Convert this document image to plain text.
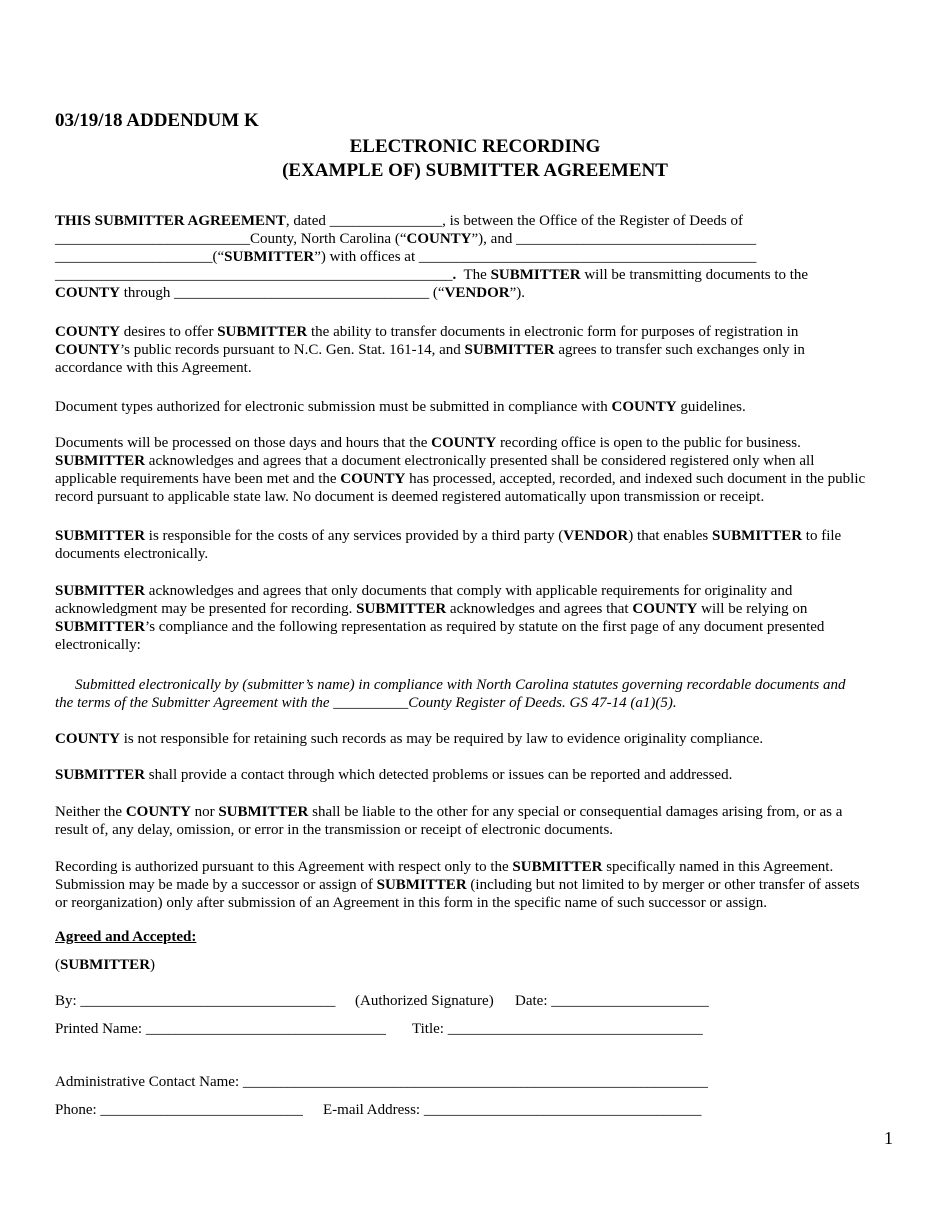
03/19/18 ADDENDUM K
ELECTRONIC RECORDING
(EXAMPLE OF) SUBMITTER AGREEMENT
THIS SUBMITTER AGREEMENT, dated _______________, is between the Office of the Register of Deeds of
__________________________County, North Carolina (“COUNTY”), and ________________________________
_____________________(“SUBMITTER”) with offices at _____________________________________________
_____________________________________________________.  The SUBMITTER will be transmitting documents to the
COUNTY through __________________________________ (“VENDOR”).
COUNTY desires to offer SUBMITTER the ability to transfer documents in electronic form for purposes of registration in
COUNTY’s public records pursuant to N.C. Gen. Stat. 161-14, and SUBMITTER agrees to transfer such exchanges only in
accordance with this Agreement.
Document types authorized for electronic submission must be submitted in compliance with COUNTY guidelines.
Documents will be processed on those days and hours that the COUNTY recording office is open to the public for business.
SUBMITTER acknowledges and agrees that a document electronically presented shall be considered registered only when all
applicable requirements have been met and the COUNTY has processed, accepted, recorded, and indexed such document in the public
record pursuant to applicable state law. No document is deemed registered automatically upon transmission or receipt.
SUBMITTER is responsible for the costs of any services provided by a third party (VENDOR) that enables SUBMITTER to file
documents electronically.
SUBMITTER acknowledges and agrees that only documents that comply with applicable requirements for originality and
acknowledgment may be presented for recording. SUBMITTER acknowledges and agrees that COUNTY will be relying on
SUBMITTER’s compliance and the following representation as required by statute on the first page of any document presented
electronically:
Submitted electronically by (submitter’s name) in compliance with North Carolina statutes governing recordable documents and
the terms of the Submitter Agreement with the __________County Register of Deeds. GS 47-14 (a1)(5).
COUNTY is not responsible for retaining such records as may be required by law to evidence originality compliance.
SUBMITTER shall provide a contact through which detected problems or issues can be reported and addressed.
Neither the COUNTY nor SUBMITTER shall be liable to the other for any special or consequential damages arising from, or as a
result of, any delay, omission, or error in the transmission or receipt of electronic documents.
Recording is authorized pursuant to this Agreement with respect only to the SUBMITTER specifically named in this Agreement.
Submission may be made by a successor or assign of SUBMITTER (including but not limited to by merger or other transfer of assets
or reorganization) only after submission of an Agreement in this form in the specific name of such successor or assign.
Agreed and Accepted:
(SUBMITTER)
By: __________________________________ (Authorized Signature) Date: _____________________
Printed Name: ________________________________ Title: __________________________________
Administrative Contact Name: ______________________________________________________________
Phone: ___________________________ E-mail Address: _____________________________________
1
